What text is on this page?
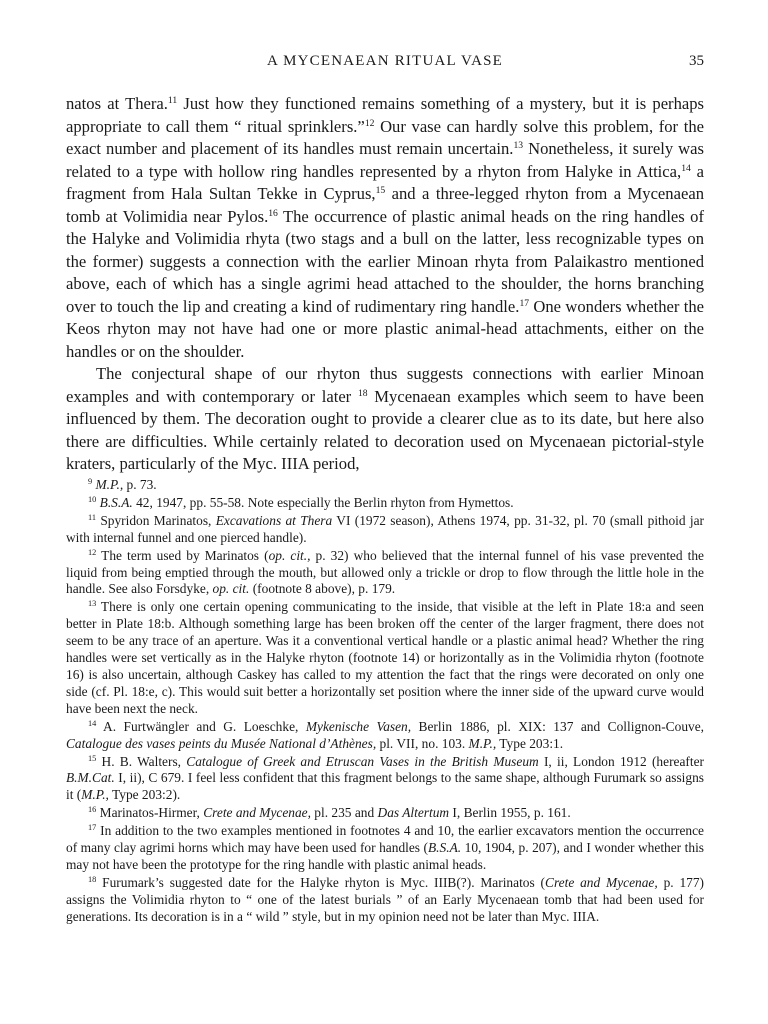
A MYCENAEAN RITUAL VASE	35

natos at Thera.$^{11}$ Just how they functioned remains something of a mystery, but it is perhaps appropriate to call them “ ritual sprinklers.”$^{12}$ Our vase can hardly solve this problem, for the exact number and placement of its handles must remain uncertain.$^{13}$ Nonetheless, it surely was related to a type with hollow ring handles represented by a rhyton from Halyke in Attica,$^{14}$ a fragment from Hala Sultan Tekke in Cyprus,$^{15}$ and a three-legged rhyton from a Mycenaean tomb at Volimidia near Pylos.$^{16}$ The occurrence of plastic animal heads on the ring handles of the Halyke and Volimidia rhyta (two stags and a bull on the latter, less recognizable types on the former) suggests a connection with the earlier Minoan rhyta from Palaikastro mentioned above, each of which has a single agrimi head attached to the shoulder, the horns branching over to touch the lip and creating a kind of rudimentary ring handle.$^{17}$ One wonders whether the Keos rhyton may not have had one or more plastic animal-head attachments, either on the handles or on the shoulder.

The conjectural shape of our rhyton thus suggests connections with earlier Minoan examples and with contemporary or later $^{18}$ Mycenaean examples which seem to have been influenced by them. The decoration ought to provide a clearer clue as to its date, but here also there are difficulties. While certainly related to decoration used on Mycenaean pictorial-style kraters, particularly of the Myc. IIIA period,

$^9$ M.P., p. 73.

$^{10}$ B.S.A. 42, 1947, pp. 55-58. Note especially the Berlin rhyton from Hymettos.

$^{11}$ Spyridon Marinatos, Excavations at Thera VI (1972 season), Athens 1974, pp. 31-32, pl. 70 (small pithoid jar with internal funnel and one pierced handle).

$^{12}$ The term used by Marinatos (op. cit., p. 32) who believed that the internal funnel of his vase prevented the liquid from being emptied through the mouth, but allowed only a trickle or drop to flow through the little hole in the handle. See also Forsdyke, op. cit. (footnote 8 above), p. 179.

$^{13}$ There is only one certain opening communicating to the inside, that visible at the left in Plate 18:a and seen better in Plate 18:b. Although something large has been broken off the center of the larger fragment, there does not seem to be any trace of an aperture. Was it a conventional vertical handle or a plastic animal head? Whether the ring handles were set vertically as in the Halyke rhyton (footnote 14) or horizontally as in the Volimidia rhyton (footnote 16) is also uncertain, although Caskey has called to my attention the fact that the rings were decorated on only one side (cf. Pl. 18:e, c). This would suit better a horizontally set position where the inner side of the upward curve would have been next the neck.

$^{14}$ A. Furtwängler and G. Loeschke, Mykenische Vasen, Berlin 1886, pl. XIX: 137 and Collignon-Couve, Catalogue des vases peints du Musée National d’Athènes, pl. VII, no. 103. M.P., Type 203:1.

$^{15}$ H. B. Walters, Catalogue of Greek and Etruscan Vases in the British Museum I, ii, London 1912 (hereafter B.M.Cat. I, ii), C 679. I feel less confident that this fragment belongs to the same shape, although Furumark so assigns it (M.P., Type 203:2).

$^{16}$ Marinatos-Hirmer, Crete and Mycenae, pl. 235 and Das Altertum I, Berlin 1955, p. 161.

$^{17}$ In addition to the two examples mentioned in footnotes 4 and 10, the earlier excavators mention the occurrence of many clay agrimi horns which may have been used for handles (B.S.A. 10, 1904, p. 207), and I wonder whether this may not have been the prototype for the ring handle with plastic animal heads.

$^{18}$ Furumark’s suggested date for the Halyke rhyton is Myc. IIIB(?). Marinatos (Crete and Mycenae, p. 177) assigns the Volimidia rhyton to “ one of the latest burials ” of an Early Mycenaean tomb that had been used for generations. Its decoration is in a “ wild ” style, but in my opinion need not be later than Myc. IIIA.
